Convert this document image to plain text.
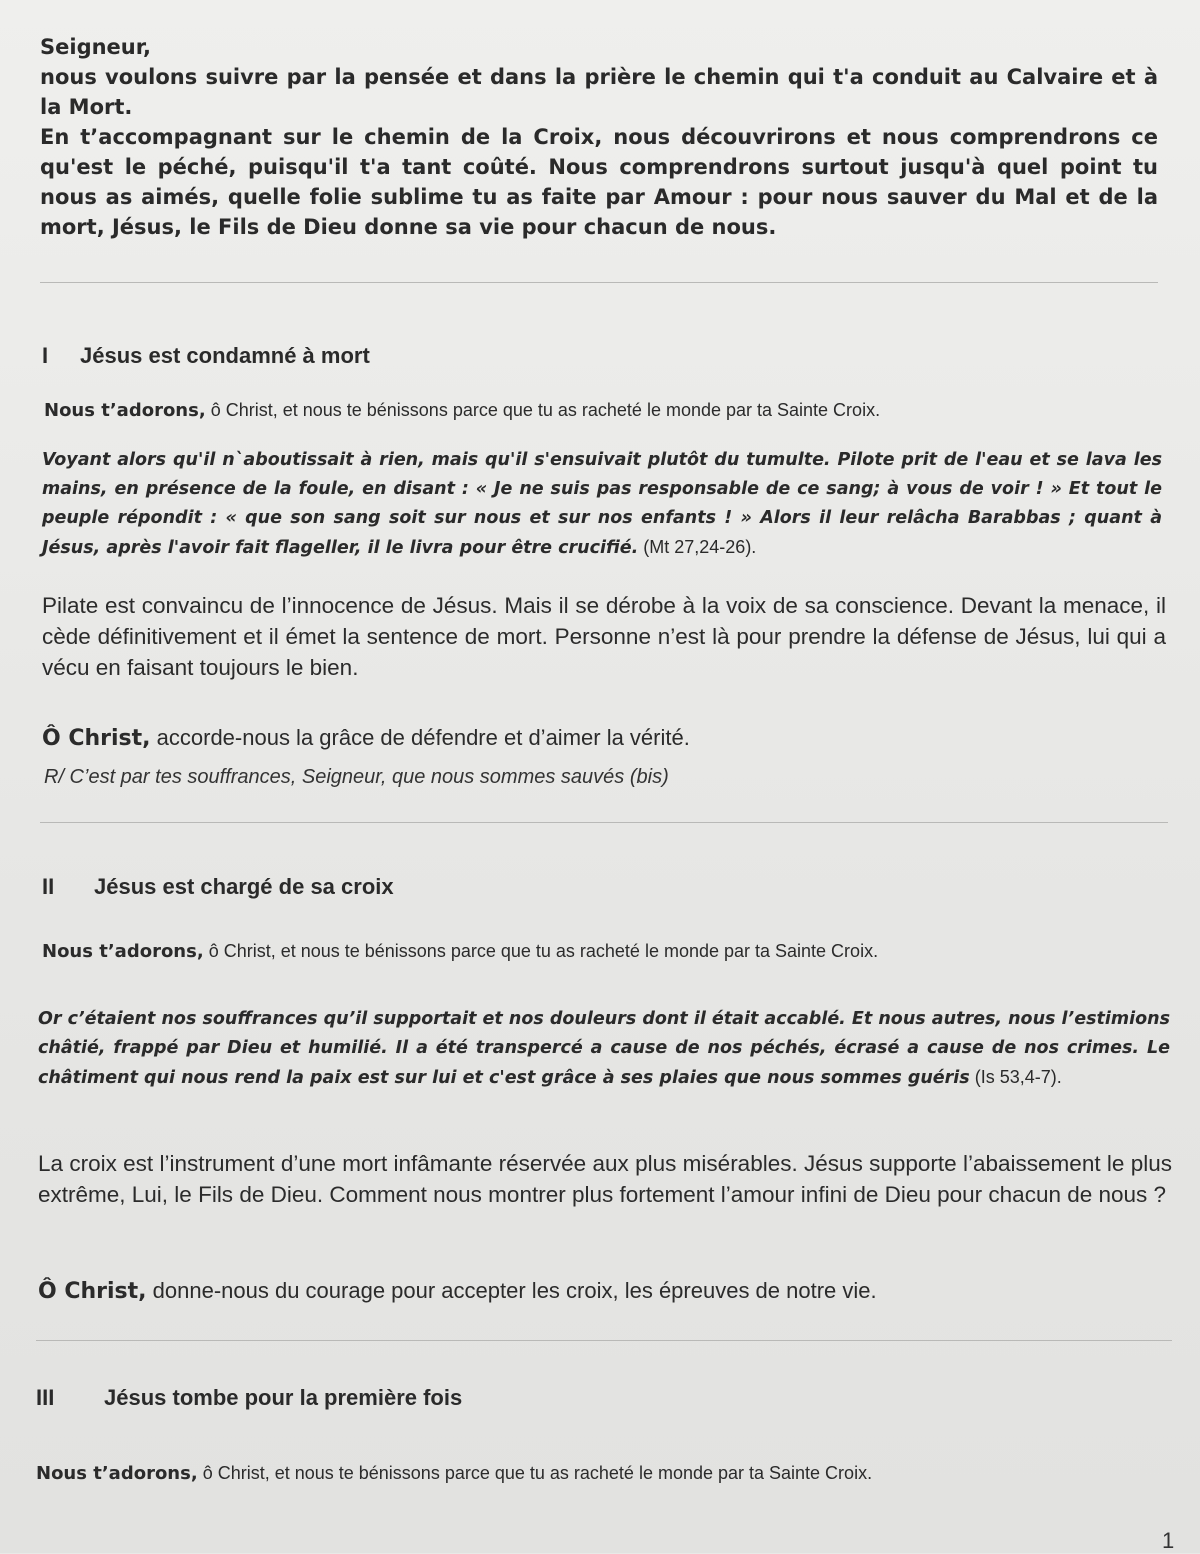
Seigneur,

nous voulons suivre par la pensée et dans la prière le chemin qui t'a conduit au Calvaire et à la Mort.

En t’accompagnant sur le chemin de la Croix, nous découvrirons et nous comprendrons ce qu'est le péché, puisqu'il t'a tant coûté. Nous comprendrons surtout jusqu'à quel point tu nous as aimés, quelle folie sublime tu as faite par Amour : pour nous sauver du Mal et de la mort, Jésus, le Fils de Dieu donne sa vie pour chacun de nous.

I Jésus est condamné à mort
Nous t’adorons, ô Christ, et nous te bénissons parce que tu as racheté le monde par ta Sainte Croix.
Voyant alors qu'il n`aboutissait à rien, mais qu'il s'ensuivait plutôt du tumulte. Pilote prit de l'eau et se lava les mains, en présence de la foule, en disant : « Je ne suis pas responsable de ce sang; à vous de voir ! » Et tout le peuple répondit : « que son sang soit sur nous et sur nos enfants ! » Alors il leur relâcha Barabbas ; quant à Jésus, après l'avoir fait flageller, il le livra pour être crucifié. (Mt 27,24-26).
Pilate est convaincu de l’innocence de Jésus. Mais il se dérobe à la voix de sa conscience. Devant la menace, il cède définitivement et il émet la sentence de mort. Personne n’est là pour prendre la défense de Jésus, lui qui a vécu en faisant toujours le bien.
Ô Christ, accorde-nous la grâce de défendre et d’aimer la vérité.
R/ C’est par tes souffrances, Seigneur, que nous sommes sauvés (bis)
II Jésus est chargé de sa croix
Nous t’adorons, ô Christ, et nous te bénissons parce que tu as racheté le monde par ta Sainte Croix.
Or c’étaient nos souffrances qu’il supportait et nos douleurs dont il était accablé. Et nous autres, nous l’estimions châtié, frappé par Dieu et humilié. Il a été transpercé a cause de nos péchés, écrasé a cause de nos crimes. Le châtiment qui nous rend la paix est sur lui et c'est grâce à ses plaies que nous sommes guéris (Is 53,4-7).
La croix est l’instrument d’une mort infâmante réservée aux plus misérables. Jésus supporte l’abaissement le plus extrême, Lui, le Fils de Dieu. Comment nous montrer plus fortement l’amour infini de Dieu pour chacun de nous ?
Ô Christ, donne-nous du courage pour accepter les croix, les épreuves de notre vie.
III Jésus tombe pour la première fois
Nous t’adorons, ô Christ, et nous te bénissons parce que tu as racheté le monde par ta Sainte Croix.
1
